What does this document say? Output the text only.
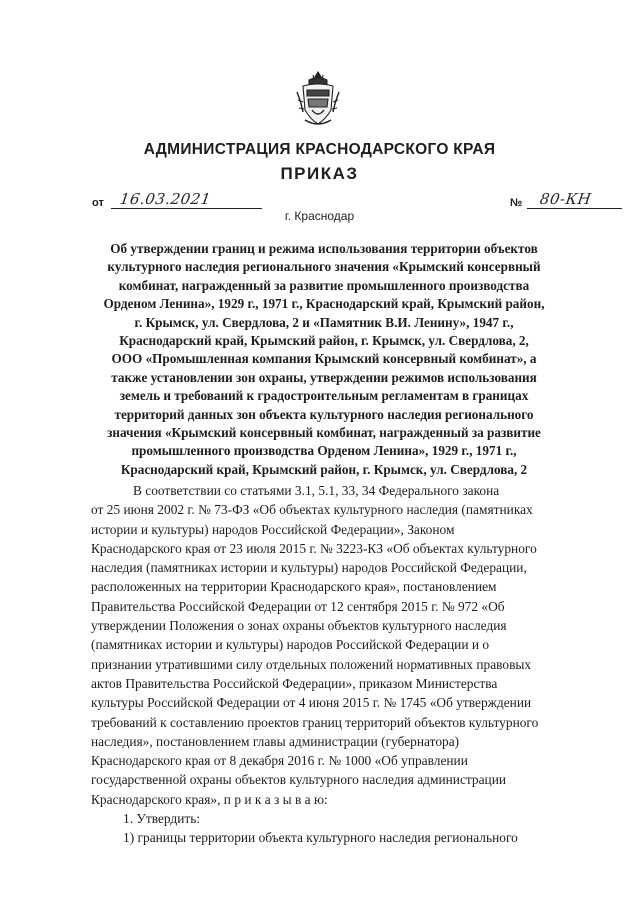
АДМИНИСТРАЦИЯ КРАСНОДАРСКОГО КРАЯ
ПРИКАЗ
от 16.03.2021	№ 80-КН
г. Краснодар
Об утверждении границ и режима использования территории объектов
культурного наследия регионального значения «Крымский консервный
комбинат, награжденный за развитие промышленного производства
Орденом Ленина», 1929 г., 1971 г., Краснодарский край, Крымский район,
г. Крымск, ул. Свердлова, 2 и «Памятник В.И. Ленину», 1947 г.,
Краснодарский край, Крымский район, г. Крымск, ул. Свердлова, 2,
ООО «Промышленная компания Крымский консервный комбинат», а
также установлении зон охраны, утверждении режимов использования
земель и требований к градостроительным регламентам в границах
территорий данных зон объекта культурного наследия регионального
значения «Крымский консервный комбинат, награжденный за развитие
промышленного производства Орденом Ленина», 1929 г., 1971 г.,
Краснодарский край, Крымский район, г. Крымск, ул. Свердлова, 2
В соответствии со статьями 3.1, 5.1, 33, 34 Федерального закона
от 25 июня 2002 г. № 73-ФЗ «Об объектах культурного наследия (памятниках
истории и культуры) народов Российской Федерации», Законом
Краснодарского края от 23 июля 2015 г. № 3223-КЗ «Об объектах культурного
наследия (памятниках истории и культуры) народов Российской Федерации,
расположенных на территории Краснодарского края», постановлением
Правительства Российской Федерации от 12 сентября 2015 г. № 972 «Об
утверждении Положения о зонах охраны объектов культурного наследия
(памятниках истории и культуры) народов Российской Федерации и о
признании утратившими силу отдельных положений нормативных правовых
актов Правительства Российской Федерации», приказом Министерства
культуры Российской Федерации от 4 июня 2015 г. № 1745 «Об утверждении
требований к составлению проектов границ территорий объектов культурного
наследия», постановлением главы администрации (губернатора)
Краснодарского края от 8 декабря 2016 г. № 1000 «Об управлении
государственной охраны объектов культурного наследия администрации
Краснодарского края», п р и к а з ы в а ю:
1. Утвердить:
1) границы территории объекта культурного наследия регионального
